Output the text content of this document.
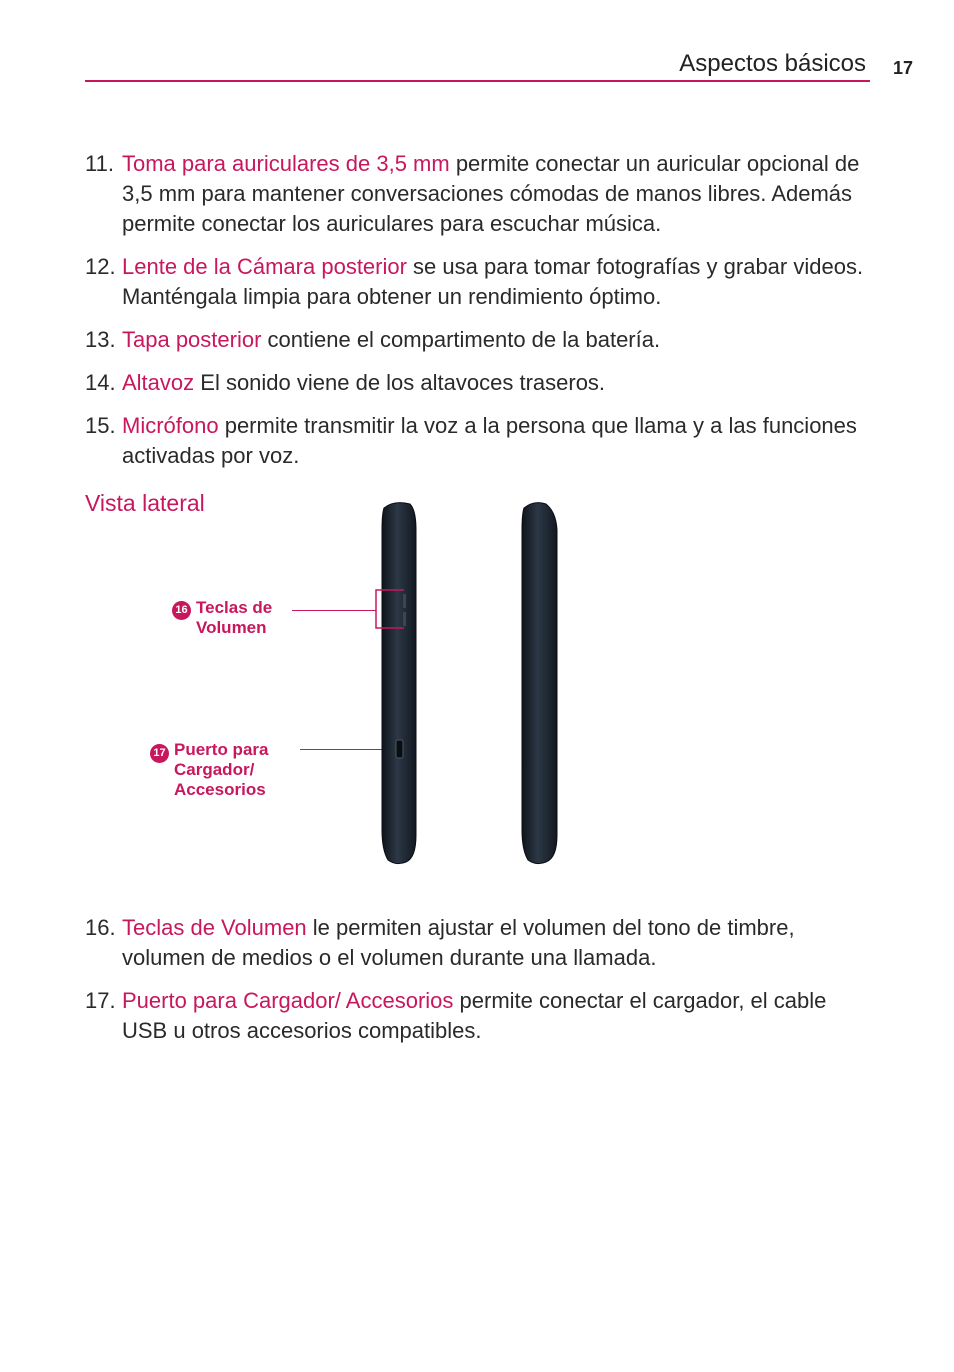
Aspectos básicos 17
11. Toma para auriculares de 3,5 mm permite conectar un auricular opcional de 3,5 mm para mantener conversaciones cómodas de manos libres. Además permite conectar los auriculares para escuchar música.
12. Lente de la Cámara posterior se usa para tomar fotografías y grabar videos. Manténgala limpia para obtener un rendimiento óptimo.
13. Tapa posterior contiene el compartimento de la batería.
14. Altavoz El sonido viene de los altavoces traseros.
15. Micrófono permite transmitir la voz a la persona que llama y a las funciones activadas por voz.
Vista lateral
16 Teclas de
Volumen
17 Puerto para
Cargador/
Accesorios
16. Teclas de Volumen le permiten ajustar el volumen del tono de timbre, volumen de medios o el volumen durante una llamada.
17. Puerto para Cargador/ Accesorios permite conectar el cargador, el cable USB u otros accesorios compatibles.
